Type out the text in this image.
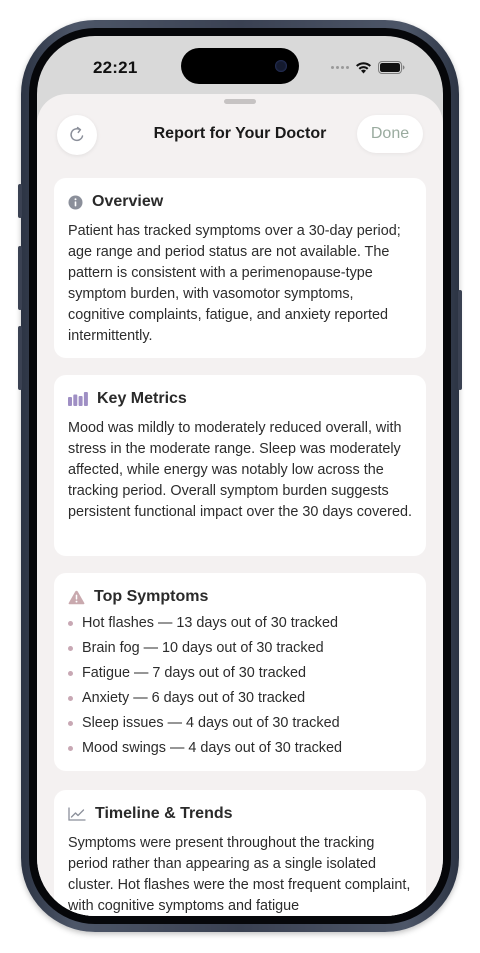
22:21
Report for Your Doctor	Done
Overview
Patient has tracked symptoms over a 30-day period; age range and period status are not available. The pattern is consistent with a perimenopause-type symptom burden, with vasomotor symptoms, cognitive complaints, fatigue, and anxiety reported intermittently.
Key Metrics
Mood was mildly to moderately reduced overall, with stress in the moderate range. Sleep was moderately affected, while energy was notably low across the tracking period. Overall symptom burden suggests persistent functional impact over the 30 days covered.
Top Symptoms
Hot flashes — 13 days out of 30 tracked
Brain fog — 10 days out of 30 tracked
Fatigue — 7 days out of 30 tracked
Anxiety — 6 days out of 30 tracked
Sleep issues — 4 days out of 30 tracked
Mood swings — 4 days out of 30 tracked
Timeline & Trends
Symptoms were present throughout the tracking period rather than appearing as a single isolated cluster. Hot flashes were the most frequent complaint, with cognitive symptoms and fatigue
